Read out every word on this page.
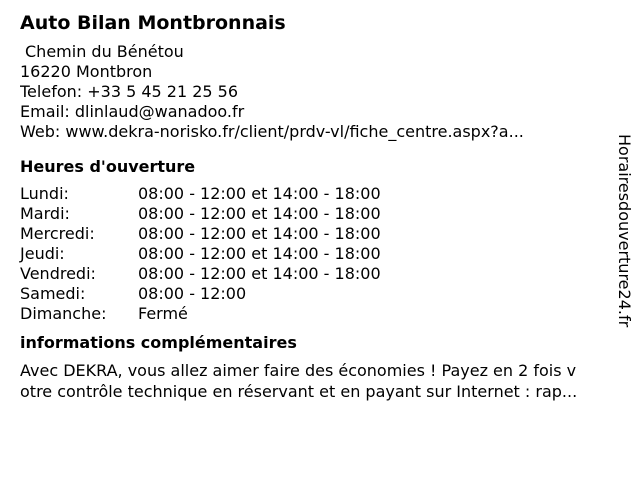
Auto Bilan Montbronnais
Chemin du Bénétou
16220 Montbron
Telefon: +33 5 45 21 25 56
Email: dlinlaud@wanadoo.fr
Web: www.dekra-norisko.fr/client/prdv-vl/fiche_centre.aspx?a...
Heures d'ouverture
Lundi:	08:00 - 12:00 et 14:00 - 18:00
Mardi:	08:00 - 12:00 et 14:00 - 18:00
Mercredi:	08:00 - 12:00 et 14:00 - 18:00
Jeudi:	08:00 - 12:00 et 14:00 - 18:00
Vendredi:	08:00 - 12:00 et 14:00 - 18:00
Samedi:	08:00 - 12:00
Dimanche:	Fermé
informations complémentaires
Avec DEKRA, vous allez aimer faire des économies ! Payez en 2 fois v
otre contrôle technique en réservant et en payant sur Internet : rap...
Horairesdouverture24.fr
